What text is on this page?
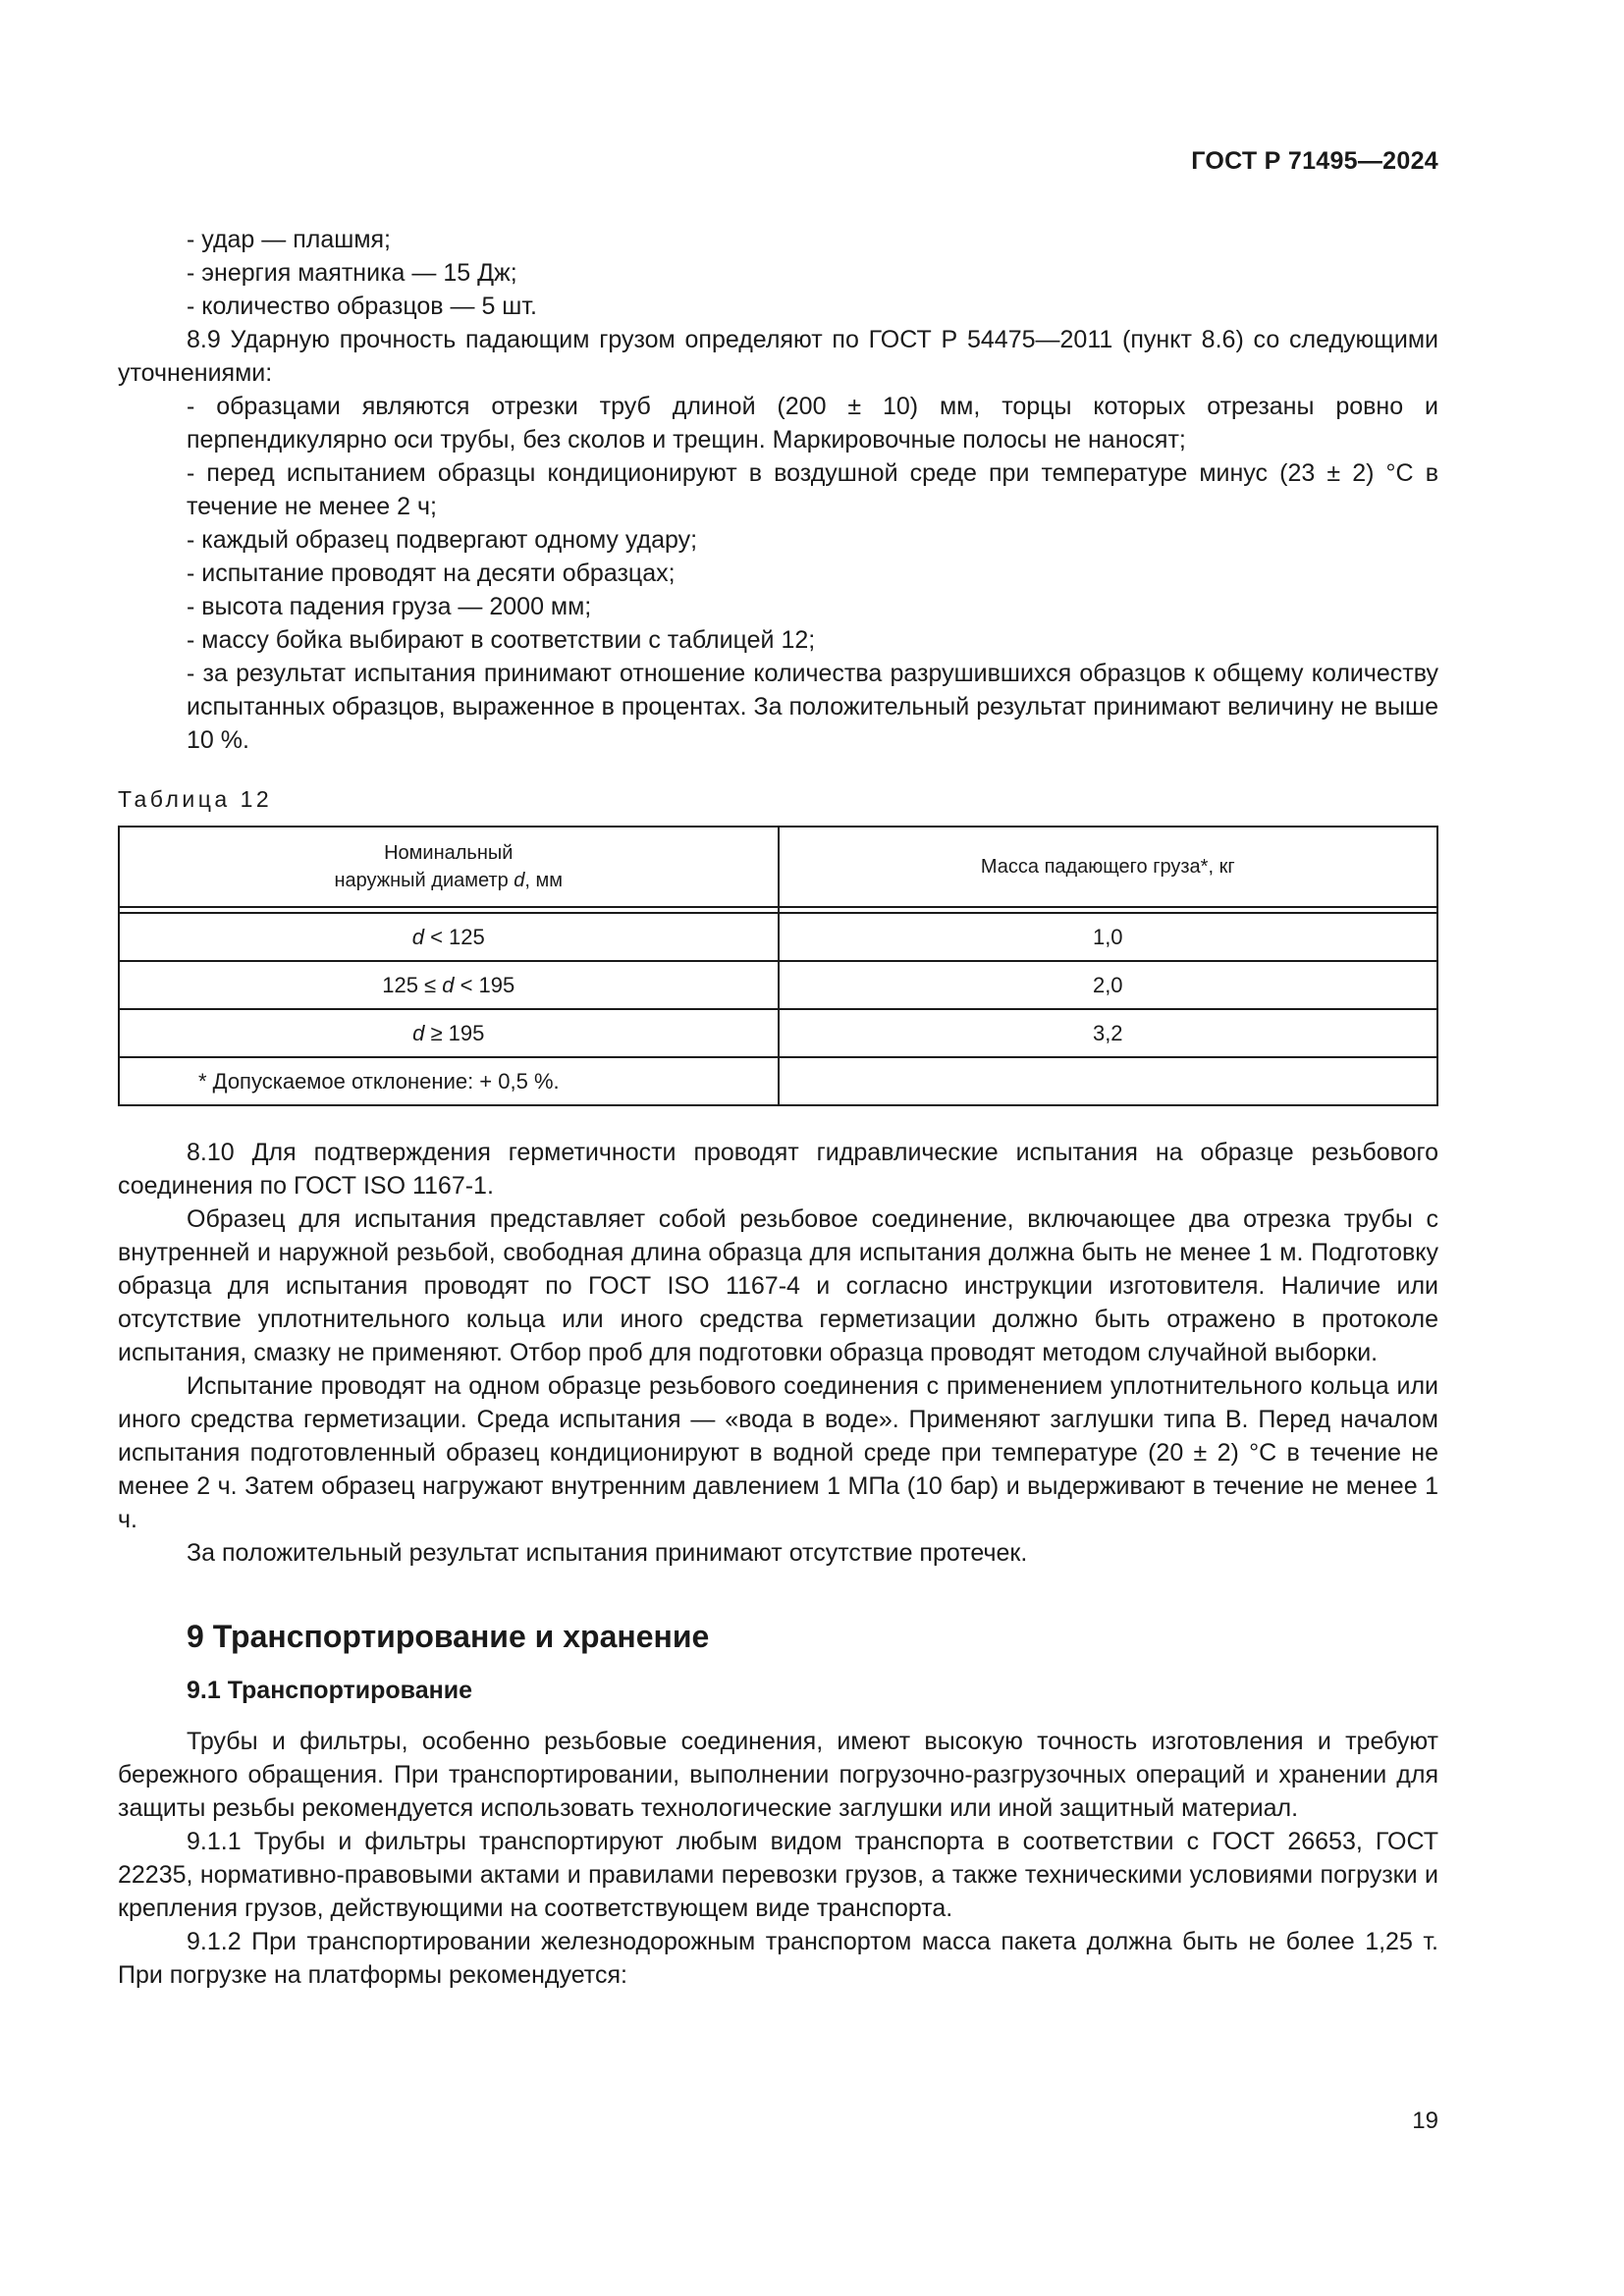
ГОСТ Р 71495—2024
- удар — плашмя;
- энергия маятника — 15 Дж;
- количество образцов — 5 шт.

8.9 Ударную прочность падающим грузом определяют по ГОСТ Р 54475—2011 (пункт 8.6) со следующими уточнениями:

- образцами являются отрезки труб длиной (200 ± 10) мм, торцы которых отрезаны ровно и перпендикулярно оси трубы, без сколов и трещин. Маркировочные полосы не наносят;
- перед испытанием образцы кондиционируют в воздушной среде при температуре минус (23 ± 2) °С в течение не менее 2 ч;
- каждый образец подвергают одному удару;
- испытание проводят на десяти образцах;
- высота падения груза — 2000 мм;
- массу бойка выбирают в соответствии с таблицей 12;
- за результат испытания принимают отношение количества разрушившихся образцов к общему количеству испытанных образцов, выраженное в процентах. За положительный результат принимают величину не выше 10 %.
Таблица 12
Номинальный
наружный диаметр d, мм	Масса падающего груза*, кг

d < 125	1,0
125 ≤ d < 195	2,0
d ≥ 195	3,2
* Допускаемое отклонение: + 0,5 %.	

8.10 Для подтверждения герметичности проводят гидравлические испытания на образце резьбового соединения по ГОСТ ISO 1167-1.

Образец для испытания представляет собой резьбовое соединение, включающее два отрезка трубы с внутренней и наружной резьбой, свободная длина образца для испытания должна быть не менее 1 м. Подготовку образца для испытания проводят по ГОСТ ISO 1167-4 и согласно инструкции изготовителя. Наличие или отсутствие уплотнительного кольца или иного средства герметизации должно быть отражено в протоколе испытания, смазку не применяют. Отбор проб для подготовки образца проводят методом случайной выборки.

Испытание проводят на одном образце резьбового соединения с применением уплотнительного кольца или иного средства герметизации. Среда испытания — «вода в воде». Применяют заглушки типа В. Перед началом испытания подготовленный образец кондиционируют в водной среде при температуре (20 ± 2) °С в течение не менее 2 ч. Затем образец нагружают внутренним давлением 1 МПа (10 бар) и выдерживают в течение не менее 1 ч.

За положительный результат испытания принимают отсутствие протечек.

9 Транспортирование и хранение
9.1 Транспортирование

Трубы и фильтры, особенно резьбовые соединения, имеют высокую точность изготовления и требуют бережного обращения. При транспортировании, выполнении погрузочно-разгрузочных операций и хранении для защиты резьбы рекомендуется использовать технологические заглушки или иной защитный материал.

9.1.1 Трубы и фильтры транспортируют любым видом транспорта в соответствии с ГОСТ 26653, ГОСТ 22235, нормативно-правовыми актами и правилами перевозки грузов, а также техническими условиями погрузки и крепления грузов, действующими на соответствующем виде транспорта.

9.1.2 При транспортировании железнодорожным транспортом масса пакета должна быть не более 1,25 т. При погрузке на платформы рекомендуется:

19
